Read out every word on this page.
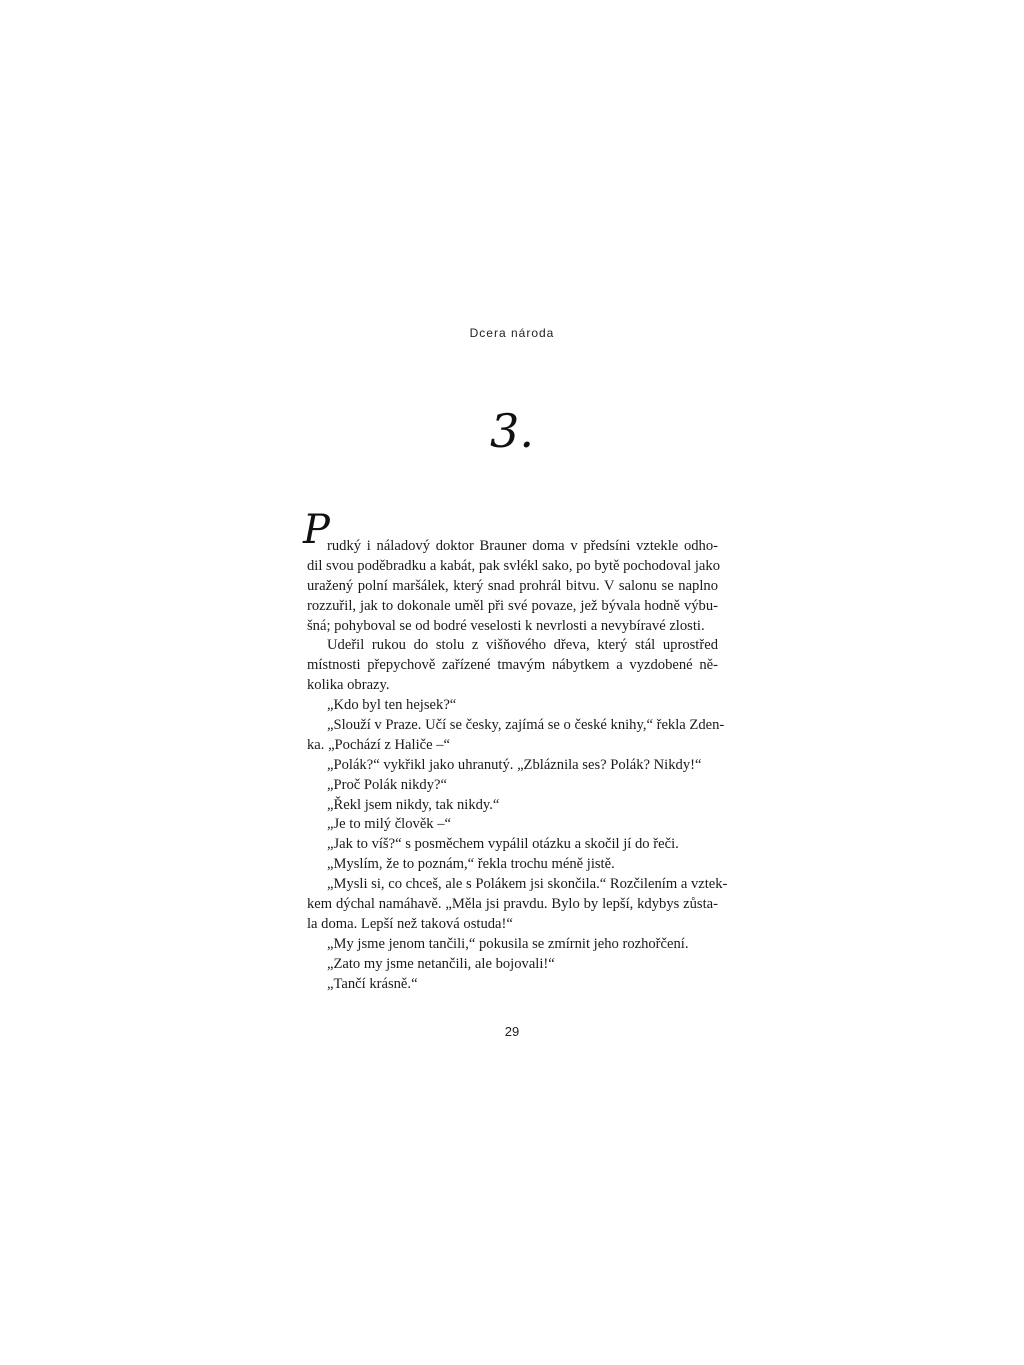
Dcera národa
3.
P
rudký i náladový doktor Brauner doma v předsíni vztekle odho-
dil svou poděbradku a kabát, pak svlékl sako, po bytě pochodoval jako
uražený polní maršálek, který snad prohrál bitvu. V salonu se naplno
rozzuřil, jak to dokonale uměl při své povaze, jež bývala hodně výbu-
šná; pohyboval se od bodré veselosti k nevrlosti a nevybíravé zlosti.
Udeřil rukou do stolu z višňového dřeva, který stál uprostřed
místnosti přepychově zařízené tmavým nábytkem a vyzdobené ně-
kolika obrazy.
„Kdo byl ten hejsek?“
„Slouží v Praze. Učí se česky, zajímá se o české knihy,“ řekla Zden-
ka. „Pochází z Haliče –“
„Polák?“ vykřikl jako uhranutý. „Zbláznila ses? Polák? Nikdy!“
„Proč Polák nikdy?“
„Řekl jsem nikdy, tak nikdy.“
„Je to milý člověk –“
„Jak to víš?“ s posměchem vypálil otázku a skočil jí do řeči.
„Myslím, že to poznám,“ řekla trochu méně jistě.
„Mysli si, co chceš, ale s Polákem jsi skončila.“ Rozčilením a vztek-
kem dýchal namáhavě. „Měla jsi pravdu. Bylo by lepší, kdybys zůsta-
la doma. Lepší než taková ostuda!“
„My jsme jenom tančili,“ pokusila se zmírnit jeho rozhořčení.
„Zato my jsme netančili, ale bojovali!“
„Tančí krásně.“
29
